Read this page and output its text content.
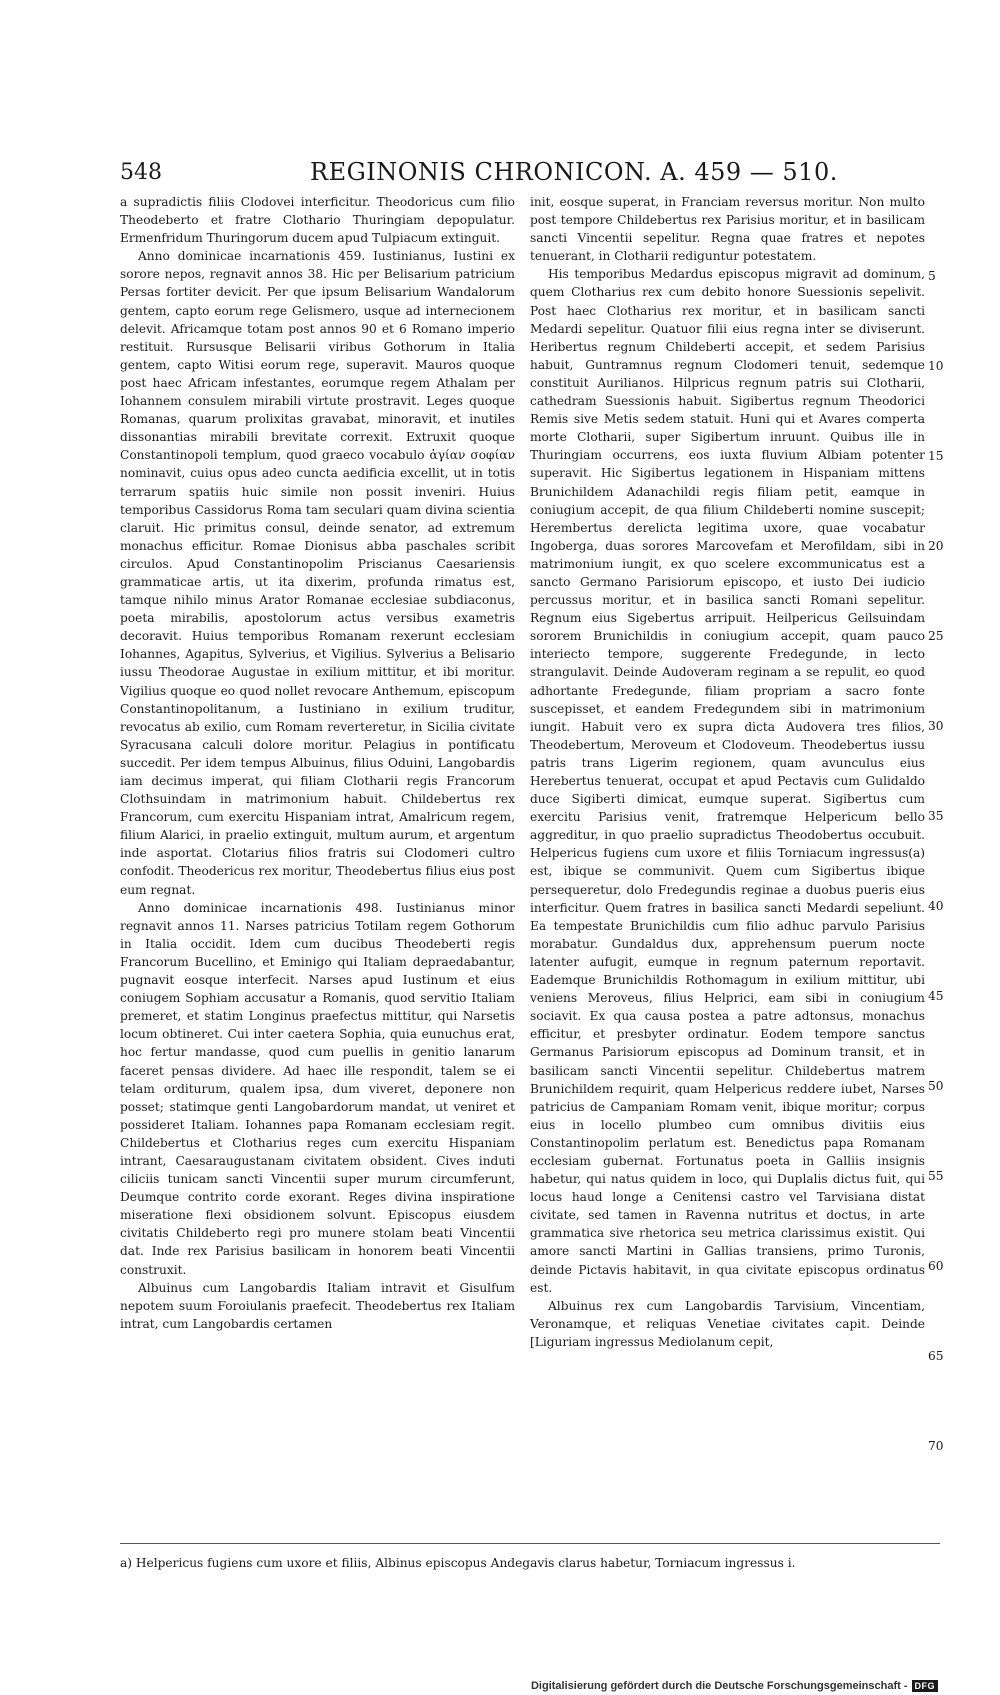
548	REGINONIS CHRONICON. A. 459 — 510.

a supradictis filiis Clodovei interficitur. Theodoricus cum filio Theodeberto et fratre Clothario Thuringiam depopulatur. Ermenfridum Thuringorum ducem apud Tulpiacum extinguit.

Anno dominicae incarnationis 459. Iustinianus, Iustini ex sorore nepos, regnavit annos 38. Hic per Belisarium patricium Persas fortiter devicit. Per que ipsum Belisarium Wandalorum gentem, capto eorum rege Gelismero, usque ad internecionem delevit. Africamque totam post annos 90 et 6 Romano imperio restituit. Rursusque Belisarii viribus Gothorum in Italia gentem, capto Witisi eorum rege, superavit. Mauros quoque post haec Africam infestantes, eorumque regem Athalam per Iohannem consulem mirabili virtute prostravit. Leges quoque Romanas, quarum prolixitas gravabat, minoravit, et inutiles dissonantias mirabili brevitate correxit. Extruxit quoque Constantinopoli templum, quod graeco vocabulo ἁγίαν σοφίαν nominavit, cuius opus adeo cuncta aedificia excellit, ut in totis terrarum spatiis huic simile non possit inveniri. Huius temporibus Cassidorus Roma tam seculari quam divina scientia claruit. Hic primitus consul, deinde senator, ad extremum monachus efficitur. Romae Dionisus abba paschales scribit circulos. Apud Constantinopolim Priscianus Caesariensis grammaticae artis, ut ita dixerim, profunda rimatus est, tamque nihilo minus Arator Romanae ecclesiae subdiaconus, poeta mirabilis, apostolorum actus versibus exametris decoravit. Huius temporibus Romanam rexerunt ecclesiam Iohannes, Agapitus, Sylverius, et Vigilius. Sylverius a Belisario iussu Theodorae Augustae in exilium mittitur, et ibi moritur. Vigilius quoque eo quod nollet revocare Anthemum, episcopum Constantinopolitanum, a Iustiniano in exilium truditur, revocatus ab exilio, cum Romam reverteretur, in Sicilia civitate Syracusana calculi dolore moritur. Pelagius in pontificatu succedit. Per idem tempus Albuinus, filius Oduini, Langobardis iam decimus imperat, qui filiam Clotharii regis Francorum Clothsuindam in matrimonium habuit. Childebertus rex Francorum, cum exercitu Hispaniam intrat, Amalricum regem, filium Alarici, in praelio extinguit, multum aurum, et argentum inde asportat. Clotarius filios fratris sui Clodomeri cultro confodit. Theodericus rex moritur, Theodebertus filius eius post eum regnat.

Anno dominicae incarnationis 498. Iustinianus minor regnavit annos 11. Narses patricius Totilam regem Gothorum in Italia occidit. Idem cum ducibus Theodeberti regis Francorum Bucellino, et Eminigo qui Italiam depraedabantur, pugnavit eosque interfecit. Narses apud Iustinum et eius coniugem Sophiam accusatur a Romanis, quod servitio Italiam premeret, et statim Longinus praefectus mittitur, qui Narsetis locum obtineret. Cui inter caetera Sophia, quia eunuchus erat, hoc fertur mandasse, quod cum puellis in genitio lanarum faceret pensas dividere. Ad haec ille respondit, talem se ei telam orditurum, qualem ipsa, dum viveret, deponere non posset; statimque genti Langobardorum mandat, ut veniret et possideret Italiam. Iohannes papa Romanam ecclesiam regit. Childebertus et Clotharius reges cum exercitu Hispaniam intrant, Caesaraugustanam civitatem obsident. Cives induti ciliciis tunicam sancti Vincentii super murum circumferunt, Deumque contrito corde exorant. Reges divina inspiratione miseratione flexi obsidionem solvunt. Episcopus eiusdem civitatis Childeberto regi pro munere stolam beati Vincentii dat. Inde rex Parisius basilicam in honorem beati Vincentii construxit.

Albuinus cum Langobardis Italiam intravit et Gisulfum nepotem suum Foroiulanis praefecit. Theodebertus rex Italiam intrat, cum Langobardis certamen

init, eosque superat, in Franciam reversus moritur. Non multo post tempore Childebertus rex Parisius moritur, et in basilicam sancti Vincentii sepelitur. Regna quae fratres et nepotes tenuerant, in Clotharii rediguntur potestatem.

His temporibus Medardus episcopus migravit ad dominum, quem Clotharius rex cum debito honore Suessionis sepelivit. Post haec Clotharius rex moritur, et in basilicam sancti Medardi sepelitur. Quatuor filii eius regna inter se diviserunt. Heribertus regnum Childeberti accepit, et sedem Parisius habuit, Guntramnus regnum Clodomeri tenuit, sedemque constituit Aurilianos. Hilpricus regnum patris sui Clotharii, cathedram Suessionis habuit. Sigibertus regnum Theodorici Remis sive Metis sedem statuit. Huni qui et Avares comperta morte Clotharii, super Sigibertum inruunt. Quibus ille in Thuringiam occurrens, eos iuxta fluvium Albiam potenter superavit. Hic Sigibertus legationem in Hispaniam mittens Brunichildem Adanachildi regis filiam petit, eamque in coniugium accepit, de qua filium Childeberti nomine suscepit; Herembertus derelicta legitima uxore, quae vocabatur Ingoberga, duas sorores Marcovefam et Merofildam, sibi in matrimonium iungit, ex quo scelere excommunicatus est a sancto Germano Parisiorum episcopo, et iusto Dei iudicio percussus moritur, et in basilica sancti Romani sepelitur. Regnum eius Sigebertus arripuit. Heilpericus Geilsuindam sororem Brunichildis in coniugium accepit, quam pauco interiecto tempore, suggerente Fredegunde, in lecto strangulavit. Deinde Audoveram reginam a se repulit, eo quod adhortante Fredegunde, filiam propriam a sacro fonte suscepisset, et eandem Fredegundem sibi in matrimonium iungit. Habuit vero ex supra dicta Audovera tres filios, Theodebertum, Meroveum et Clodoveum. Theodebertus iussu patris trans Ligerim regionem, quam avunculus eius Herebertus tenuerat, occupat et apud Pectavis cum Gulidaldo duce Sigiberti dimicat, eumque superat. Sigibertus cum exercitu Parisius venit, fratremque Helpericum bello aggreditur, in quo praelio supradictus Theodobertus occubuit. Helpericus fugiens cum uxore et filiis Torniacum ingressus(a) est, ibique se communivit. Quem cum Sigibertus ibique persequeretur, dolo Fredegundis reginae a duobus pueris eius interficitur. Quem fratres in basilica sancti Medardi sepeliunt. Ea tempestate Brunichildis cum filio adhuc parvulo Parisius morabatur. Gundaldus dux, apprehensum puerum nocte latenter aufugit, eumque in regnum paternum reportavit. Eademque Brunichildis Rothomagum in exilium mittitur, ubi veniens Meroveus, filius Helprici, eam sibi in coniugium sociavit. Ex qua causa postea a patre adtonsus, monachus efficitur, et presbyter ordinatur. Eodem tempore sanctus Germanus Parisiorum episcopus ad Dominum transit, et in basilicam sancti Vincentii sepelitur. Childebertus matrem Brunichildem requirit, quam Helpericus reddere iubet, Narses patricius de Campaniam Romam venit, ibique moritur; corpus eius in locello plumbeo cum omnibus divitiis eius Constantinopolim perlatum est. Benedictus papa Romanam ecclesiam gubernat. Fortunatus poeta in Galliis insignis habetur, qui natus quidem in loco, qui Duplalis dictus fuit, qui locus haud longe a Cenitensi castro vel Tarvisiana distat civitate, sed tamen in Ravenna nutritus et doctus, in arte grammatica sive rhetorica seu metrica clarissimus existit. Qui amore sancti Martini in Gallias transiens, primo Turonis, deinde Pictavis habitavit, in qua civitate episcopus ordinatus est.

Albuinus rex cum Langobardis Tarvisium, Vincentiam, Veronamque, et reliquas Venetiae civitates capit. Deinde [Liguriam ingressus Mediolanum cepit,

5
10
15
20
25
30
35
40
45
50
55
60
65
70
a) Helpericus fugiens cum uxore et filiis, Albinus episcopus Andegavis clarus habetur, Torniacum ingressus i.
Digitalisierung gefördert durch die Deutsche Forschungsgemeinschaft - DFG
